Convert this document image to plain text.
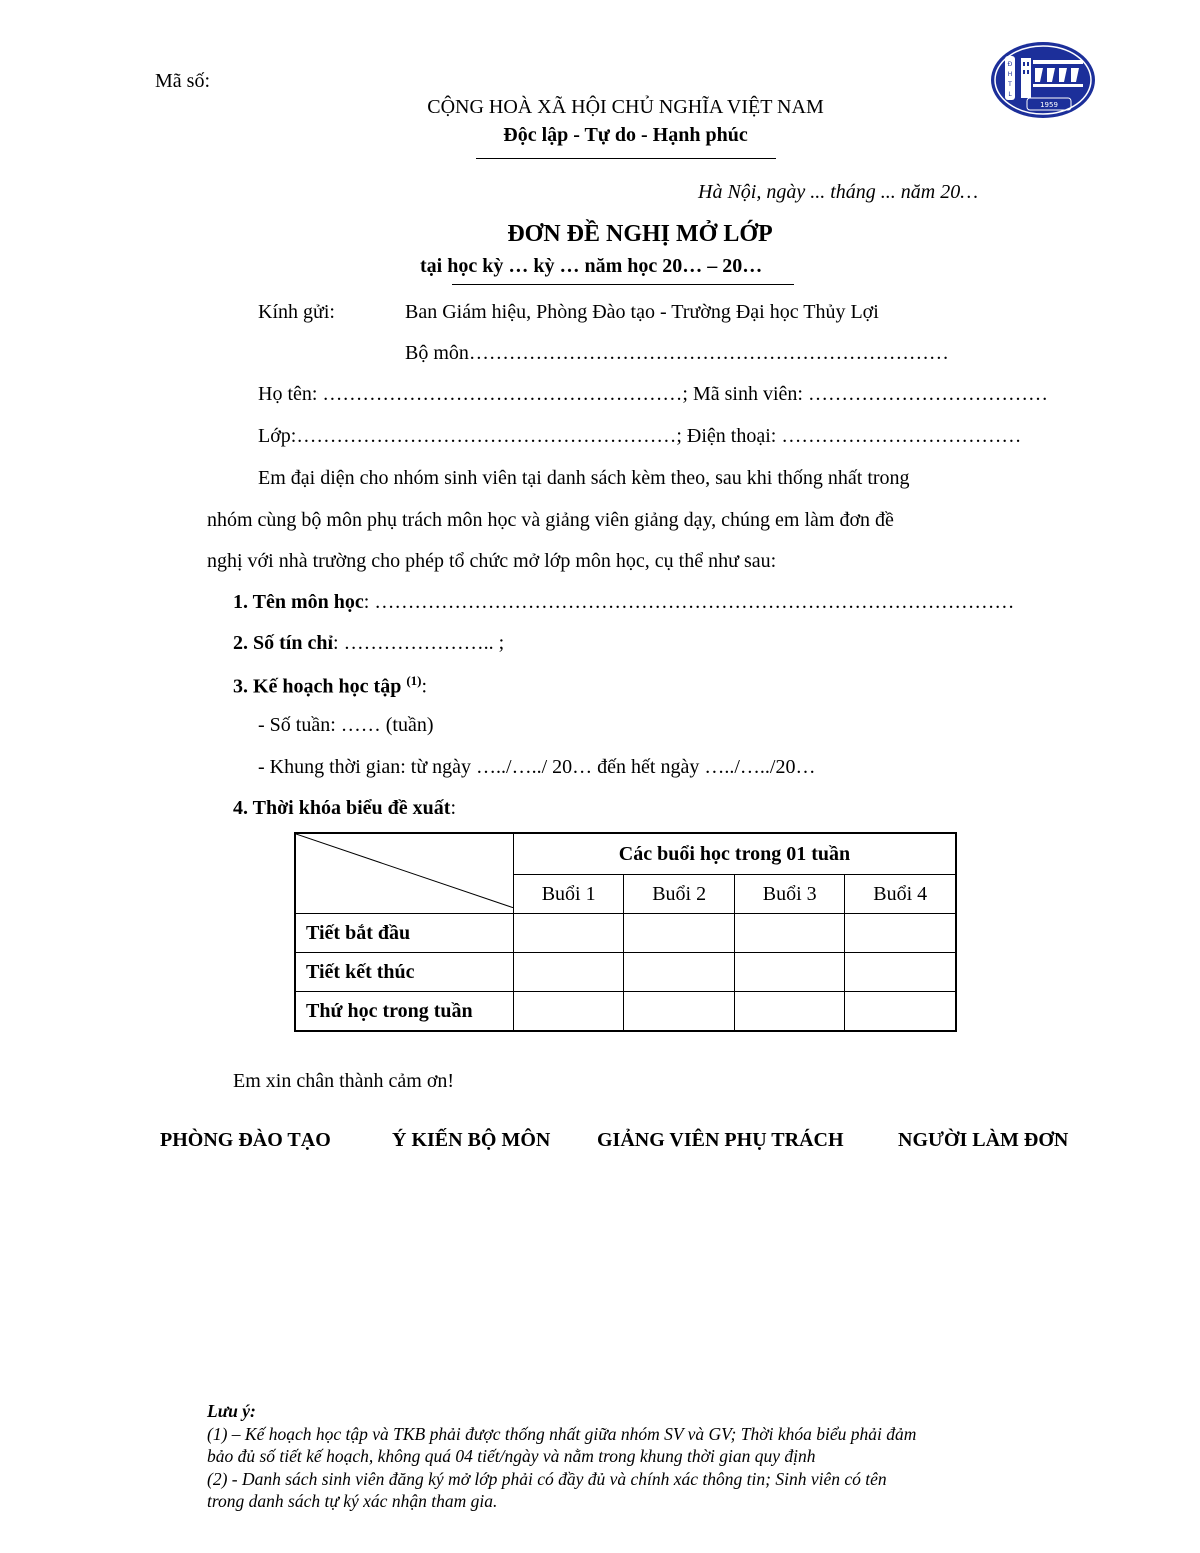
Mã số:
Đ
H
T
L
1959
CỘNG HOÀ XÃ HỘI CHỦ NGHĨA VIỆT NAM
Độc lập - Tự do - Hạnh phúc
Hà Nội, ngày ... tháng ... năm 20…
ĐƠN ĐỀ NGHỊ MỞ LỚP
tại học kỳ … kỳ … năm học 20… – 20…
Kính gửi:	Ban Giám hiệu, Phòng Đào tạo - Trường Đại học Thủy Lợi
Bộ môn………………………………………………………………
Họ tên: ………………………………………………; Mã sinh viên: ………………………………
Lớp:…………………………………………………; Điện thoại: ………………………………
Em đại diện cho nhóm sinh viên tại danh sách kèm theo, sau khi thống nhất trong
nhóm cùng bộ môn phụ trách môn học và giảng viên giảng dạy, chúng em làm đơn đề
nghị với nhà trường cho phép tổ chức mở lớp môn học, cụ thể như sau:
1. Tên môn học: ……………………………………………………………………………………
2. Số tín chỉ: ………………….. ;
3. Kế hoạch học tập $^{(1)}$:
- Số tuần: …… (tuần)
- Khung thời gian: từ ngày …../…../ 20… đến hết ngày …../…../20…
4. Thời khóa biểu đề xuất:
	Các buổi học trong 01 tuần			
	Buổi 1	Buổi 2	Buổi 3	Buổi 4
Tiết bắt đầu				
Tiết kết thúc				
Thứ học trong tuần				
Em xin chân thành cảm ơn!
PHÒNG ĐÀO TẠO	Ý KIẾN BỘ MÔN GIẢNG VIÊN PHỤ TRÁCH	NGƯỜI LÀM ĐƠN

Lưu ý:

(1) – Kế hoạch học tập và TKB phải được thống nhất giữa nhóm SV và GV; Thời khóa biểu phải đảm

bảo đủ số tiết kế hoạch, không quá 04 tiết/ngày và nằm trong khung thời gian quy định

(2) - Danh sách sinh viên đăng ký mở lớp phải có đầy đủ và chính xác thông tin; Sinh viên có tên

trong danh sách tự ký xác nhận tham gia.
